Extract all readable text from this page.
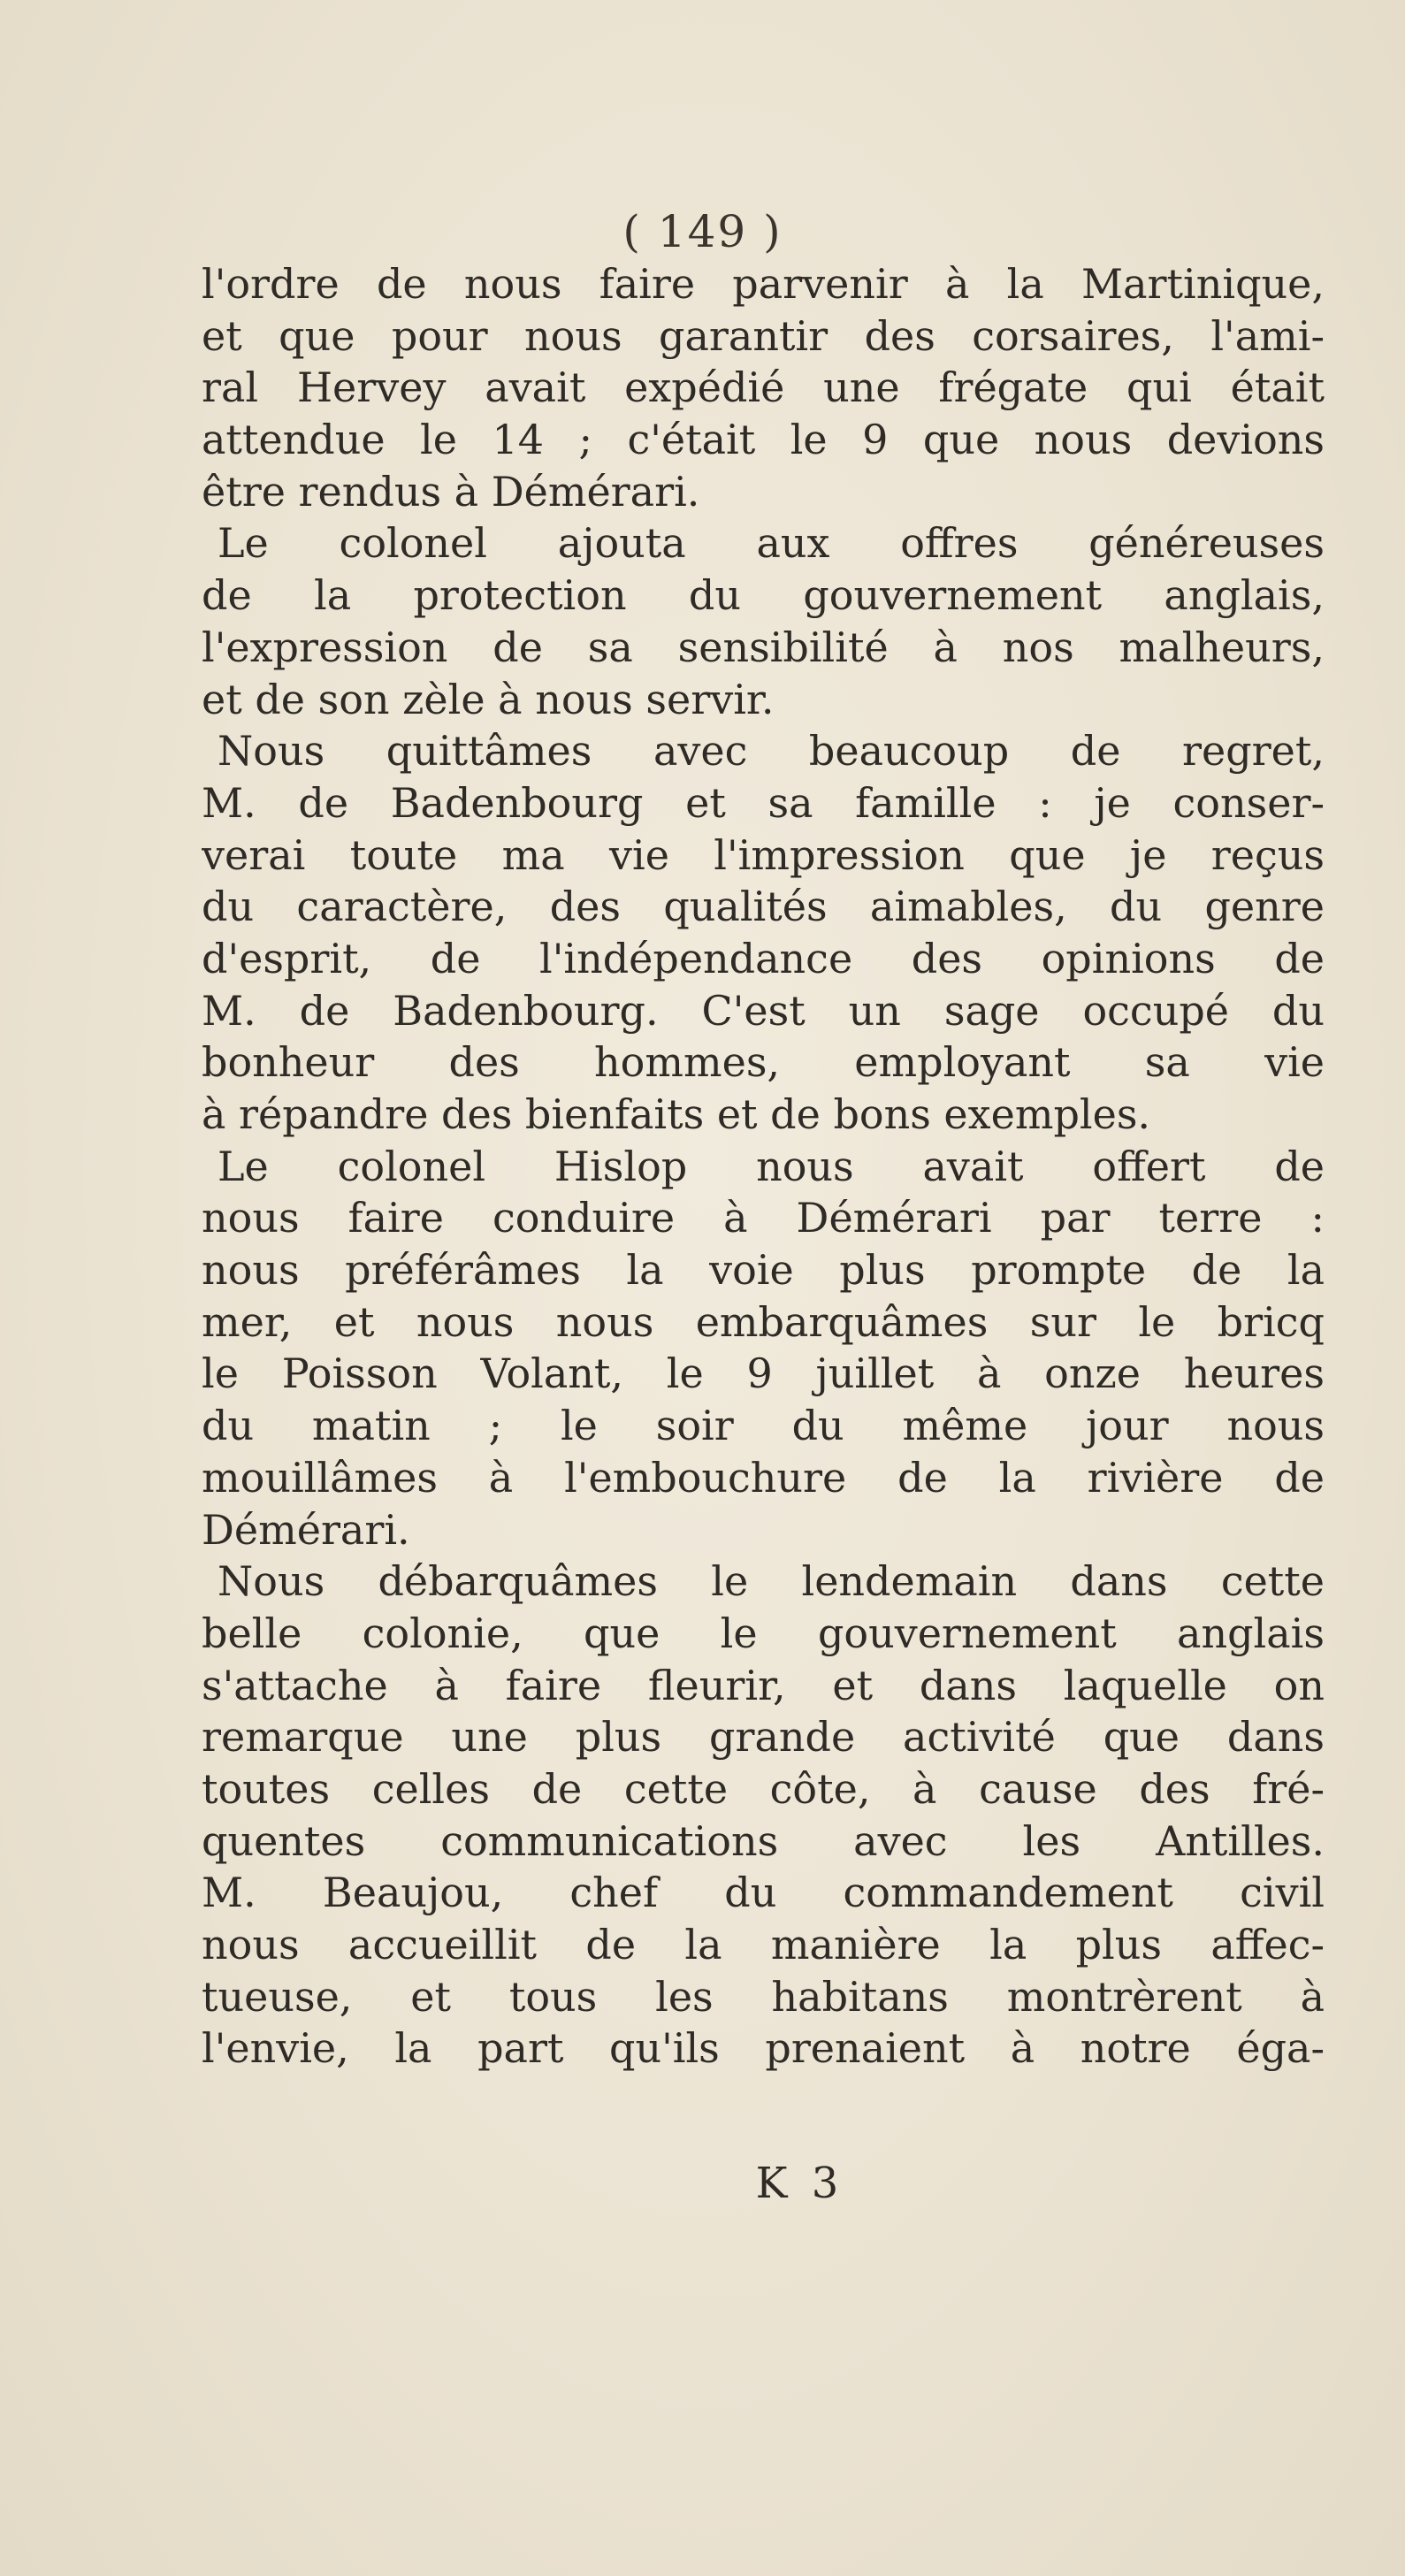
( 149 )
l'ordre de nous faire parvenir à la Martinique,
et que pour nous garantir des corsaires, l'ami-
ral Hervey avait expédié une frégate qui était
attendue le 14 ; c'était le 9 que nous devions
être rendus à Démérari.
Le colonel ajouta aux offres généreuses
de la protection du gouvernement anglais,
l'expression de sa sensibilité à nos malheurs,
et de son zèle à nous servir.
Nous quittâmes avec beaucoup de regret,
M. de Badenbourg et sa famille : je conser-
verai toute ma vie l'impression que je reçus
du caractère, des qualités aimables, du genre
d'esprit, de l'indépendance des opinions de
M. de Badenbourg. C'est un sage occupé du
bonheur des hommes, employant sa vie
à répandre des bienfaits et de bons exemples.
Le colonel Hislop nous avait offert de
nous faire conduire à Démérari par terre :
nous préférâmes la voie plus prompte de la
mer, et nous nous embarquâmes sur le bricq
le Poisson Volant, le 9 juillet à onze heures
du matin ; le soir du même jour nous
mouillâmes à l'embouchure de la rivière de
Démérari.
Nous débarquâmes le lendemain dans cette
belle colonie, que le gouvernement anglais
s'attache à faire fleurir, et dans laquelle on
remarque une plus grande activité que dans
toutes celles de cette côte, à cause des fré-
quentes communications avec les Antilles.
M. Beaujou, chef du commandement civil
nous accueillit de la manière la plus affec-
tueuse, et tous les habitans montrèrent à
l'envie, la part qu'ils prenaient à notre éga-
K 3
